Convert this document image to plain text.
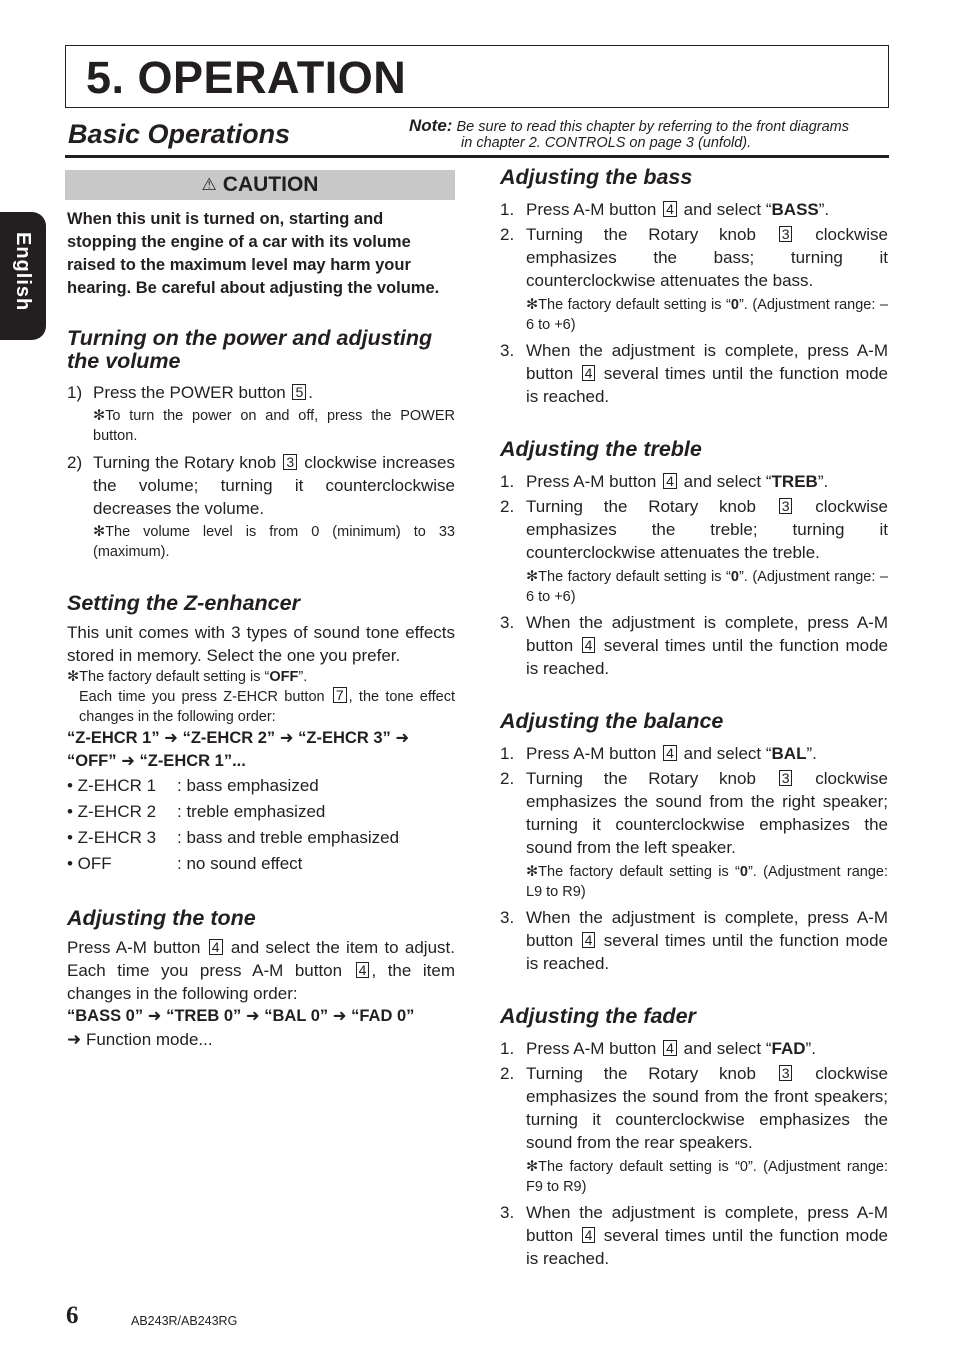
5. OPERATION
Basic Operations	Note: Be sure to read this chapter by referring to the front diagrams
in chapter 2. CONTROLS on page 3 (unfold).
English
⚠ CAUTION

When this unit is turned on, starting and stopping the engine of a car with its volume raised to the maximum level may harm your hearing. Be careful about adjusting the volume.

Turning on the power and adjusting the volume
1) Press the POWER button 5 .

✻To turn the power on and off, press the POWER button.

2) Turning the Rotary knob 3 clockwise increases the volume; turning it counterclockwise decreases the volume.

✻The volume level is from 0 (minimum) to 33 (maximum).

Setting the Z-enhancer

This unit comes with 3 types of sound tone effects stored in memory. Select the one you prefer.

✻The factory default setting is “OFF”.

Each time you press Z-EHCR button 7 , the tone effect changes in the following order:

“Z-EHCR 1” ➜ “Z-EHCR 2” ➜ “Z-EHCR 3” ➜ “OFF” ➜ “Z-EHCR 1”...

• Z-EHCR 1	: bass emphasized
• Z-EHCR 2	: treble emphasized
• Z-EHCR 3	: bass and treble emphasized
• OFF	: no sound effect
Adjusting the tone

Press A-M button 4 and select the item to adjust. Each time you press A-M button 4 , the item changes in the following order:

“BASS 0” ➜ “TREB 0” ➜ “BAL 0” ➜ “FAD 0”

➜ Function mode...

Adjusting the bass
1. Press A-M button 4 and select “BASS”.
2. Turning the Rotary knob 3 clockwise emphasizes the bass; turning it counterclockwise attenuates the bass.

✻The factory default setting is “0”. (Adjustment range: –6 to +6)

3. When the adjustment is complete, press A-M button 4 several times until the function mode is reached.
Adjusting the treble
1. Press A-M button 4 and select “TREB”.
2. Turning the Rotary knob 3 clockwise emphasizes the treble; turning it counterclockwise attenuates the treble.

✻The factory default setting is “0”. (Adjustment range: –6 to +6)

3. When the adjustment is complete, press A-M button 4 several times until the function mode is reached.
Adjusting the balance
1. Press A-M button 4 and select “BAL”.
2. Turning the Rotary knob 3 clockwise emphasizes the sound from the right speaker; turning it counterclockwise emphasizes the sound from the left speaker.

✻The factory default setting is “0”. (Adjustment range: L9 to R9)

3. When the adjustment is complete, press A-M button 4 several times until the function mode is reached.
Adjusting the fader
1. Press A-M button 4 and select “FAD”.
2. Turning the Rotary knob 3 clockwise emphasizes the sound from the front speakers; turning it counterclockwise emphasizes the sound from the rear speakers.

✻The factory default setting is “0”. (Adjustment range: F9 to R9)

3. When the adjustment is complete, press A-M button 4 several times until the function mode is reached.
6	AB243R/AB243RG
